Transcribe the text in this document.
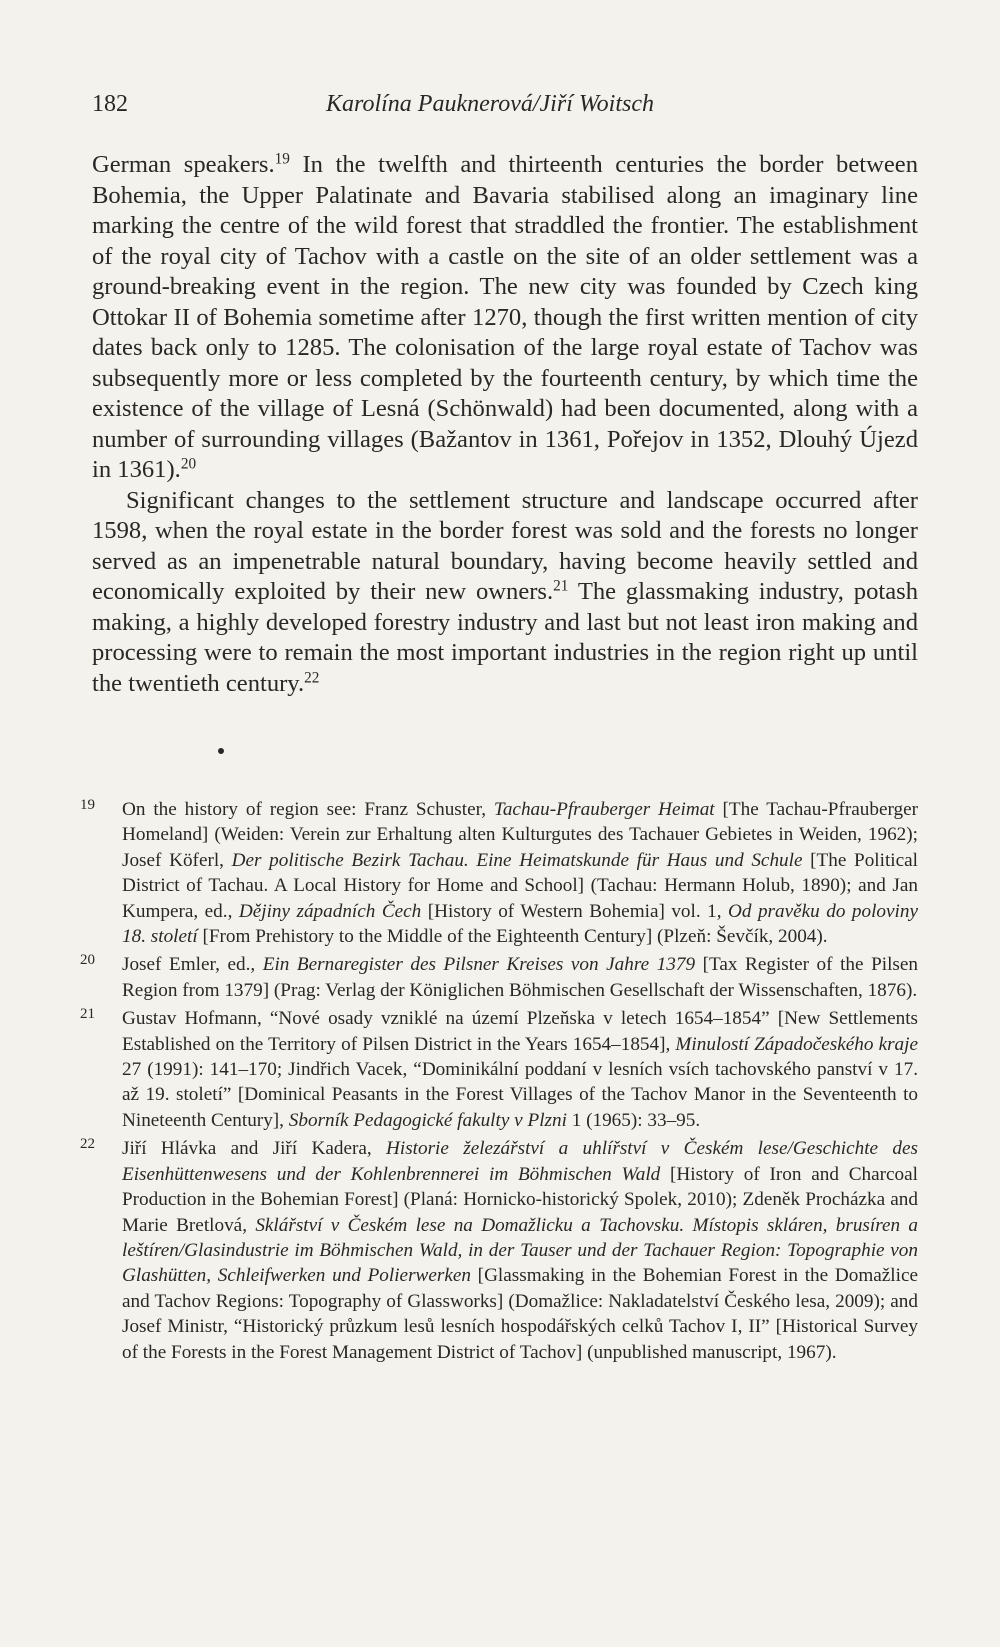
182	Karolína Pauknerová/Jiří Woitsch

German speakers.$^{19}$ In the twelfth and thirteenth centuries the border between Bohemia, the Upper Palatinate and Bavaria stabilised along an imaginary line marking the centre of the wild forest that straddled the frontier. The establishment of the royal city of Tachov with a castle on the site of an older settlement was a ground-breaking event in the region. The new city was founded by Czech king Ottokar II of Bohemia sometime after 1270, though the first written mention of city dates back only to 1285. The colonisation of the large royal estate of Tachov was subsequently more or less completed by the fourteenth century, by which time the existence of the village of Lesná (Schönwald) had been documented, along with a number of surrounding villages (Bažantov in 1361, Pořejov in 1352, Dlouhý Újezd in 1361).$^{20}$

Significant changes to the settlement structure and landscape occurred after 1598, when the royal estate in the border forest was sold and the forests no longer served as an impenetrable natural boundary, having become heavily settled and economically exploited by their new owners.$^{21}$ The glassmaking industry, potash making, a highly developed forestry industry and last but not least iron making and processing were to remain the most important industries in the region right up until the twentieth century.$^{22}$

19 On the history of region see: Franz Schuster, Tachau-Pfrauberger Heimat [The Tachau-Pfrauberger Homeland] (Weiden: Verein zur Erhaltung alten Kulturgutes des Tachauer Gebietes in Weiden, 1962); Josef Köferl, Der politische Bezirk Tachau. Eine Heimatskunde für Haus und Schule [The Political District of Tachau. A Local History for Home and School] (Tachau: Hermann Holub, 1890); and Jan Kumpera, ed., Dějiny západních Čech [History of Western Bohemia] vol. 1, Od pravěku do poloviny 18. století [From Prehistory to the Middle of the Eighteenth Century] (Plzeň: Ševčík, 2004).
20 Josef Emler, ed., Ein Bernaregister des Pilsner Kreises von Jahre 1379 [Tax Register of the Pilsen Region from 1379] (Prag: Verlag der Königlichen Böhmischen Gesellschaft der Wissenschaften, 1876).
21 Gustav Hofmann, “Nové osady vzniklé na území Plzeňska v letech 1654–1854” [New Settlements Established on the Territory of Pilsen District in the Years 1654–1854], Minulostí Západočeského kraje 27 (1991): 141–170; Jindřich Vacek, “Dominikální poddaní v lesních vsích tachovského panství v 17. až 19. století” [Dominical Peasants in the Forest Villages of the Tachov Manor in the Seventeenth to Nineteenth Century], Sborník Pedagogické fakulty v Plzni 1 (1965): 33–95.
22 Jiří Hlávka and Jiří Kadera, Historie železářství a uhlířství v Českém lese/Geschichte des Eisenhüttenwesens und der Kohlenbrennerei im Böhmischen Wald [History of Iron and Charcoal Production in the Bohemian Forest] (Planá: Hornicko-historický Spolek, 2010); Zdeněk Procházka and Marie Bretlová, Sklářství v Českém lese na Domažlicku a Tachovsku. Místopis skláren, brusíren a leštíren/Glasindustrie im Böhmischen Wald, in der Tauser und der Tachauer Region: Topographie von Glashütten, Schleifwerken und Polierwerken [Glassmaking in the Bohemian Forest in the Domažlice and Tachov Regions: Topography of Glassworks] (Domažlice: Nakladatelství Českého lesa, 2009); and Josef Ministr, “Historický průzkum lesů lesních hospodářských celků Tachov I, II” [Historical Survey of the Forests in the Forest Management District of Tachov] (unpublished manuscript, 1967).
